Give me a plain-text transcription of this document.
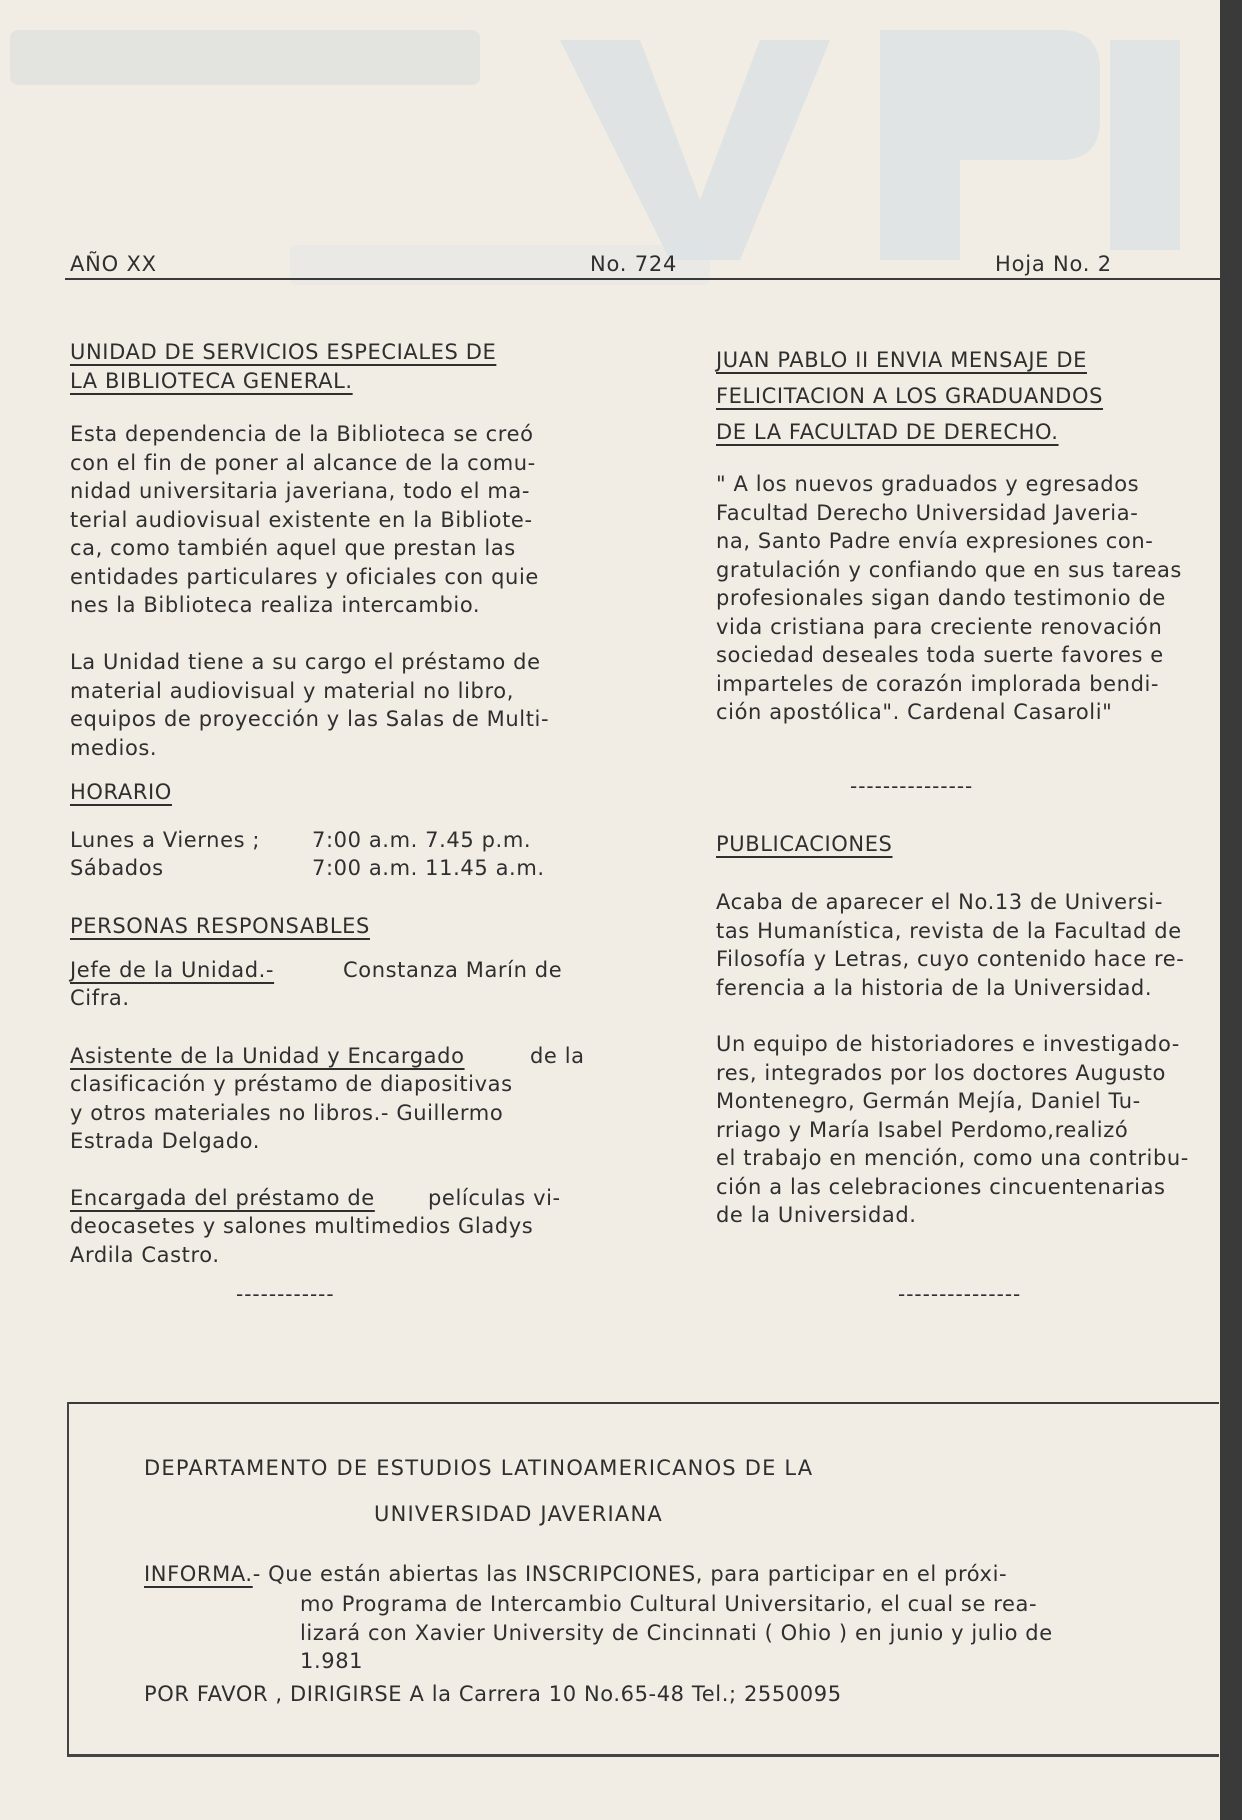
AÑO XX	No. 724	Hoja No. 2
UNIDAD DE SERVICIOS ESPECIALES DE
LA BIBLIOTECA GENERAL.
Esta dependencia de la Biblioteca se creó
con el fin de poner al alcance de la comu-
nidad universitaria javeriana, todo el ma-
terial audiovisual existente en la Bibliote-
ca, como también aquel que prestan las
entidades particulares y oficiales con quie
nes la Biblioteca realiza intercambio.
La Unidad tiene a su cargo el préstamo de
material audiovisual y material no libro,
equipos de proyección y las Salas de Multi-
medios.
HORARIO
Lunes a Viernes ; 7:00 a.m. 7.45 p.m.
Sábados	7:00 a.m. 11.45 a.m.
PERSONAS RESPONSABLES
Jefe de la Unidad.-	Constanza Marín de
Cifra.
Asistente de la Unidad y Encargado	de la
clasificación y préstamo de diapositivas
y otros materiales no libros.- Guillermo
Estrada Delgado.
Encargada del préstamo de	películas vi-
deocasetes y salones multimedios Gladys
Ardila Castro.
------------
JUAN PABLO II ENVIA MENSAJE DE
FELICITACION A LOS GRADUANDOS
DE LA FACULTAD DE DERECHO.
" A los nuevos graduados y egresados
Facultad Derecho Universidad Javeria-
na, Santo Padre envía expresiones con-
gratulación y confiando que en sus tareas
profesionales sigan dando testimonio de
vida cristiana para creciente renovación
sociedad deseales toda suerte favores e
imparteles de corazón implorada bendi-
ción apostólica". Cardenal Casaroli"
---------------
PUBLICACIONES
Acaba de aparecer el No.13 de Universi-
tas Humanística, revista de la Facultad de
Filosofía y Letras, cuyo contenido hace re-
ferencia a la historia de la Universidad.
Un equipo de historiadores e investigado-
res, integrados por los doctores Augusto
Montenegro, Germán Mejía, Daniel Tu-
rriago y María Isabel Perdomo,realizó
el trabajo en mención, como una contribu-
ción a las celebraciones cincuentenarias
de la Universidad.
---------------
DEPARTAMENTO DE ESTUDIOS LATINOAMERICANOS DE LA
UNIVERSIDAD JAVERIANA
INFORMA.- Que están abiertas las INSCRIPCIONES, para participar en el próxi-
mo Programa de Intercambio Cultural Universitario, el cual se rea-
lizará con Xavier University de Cincinnati ( Ohio ) en junio y julio de
1.981
POR FAVOR , DIRIGIRSE A la Carrera 10 No.65-48 Tel.; 2550095
